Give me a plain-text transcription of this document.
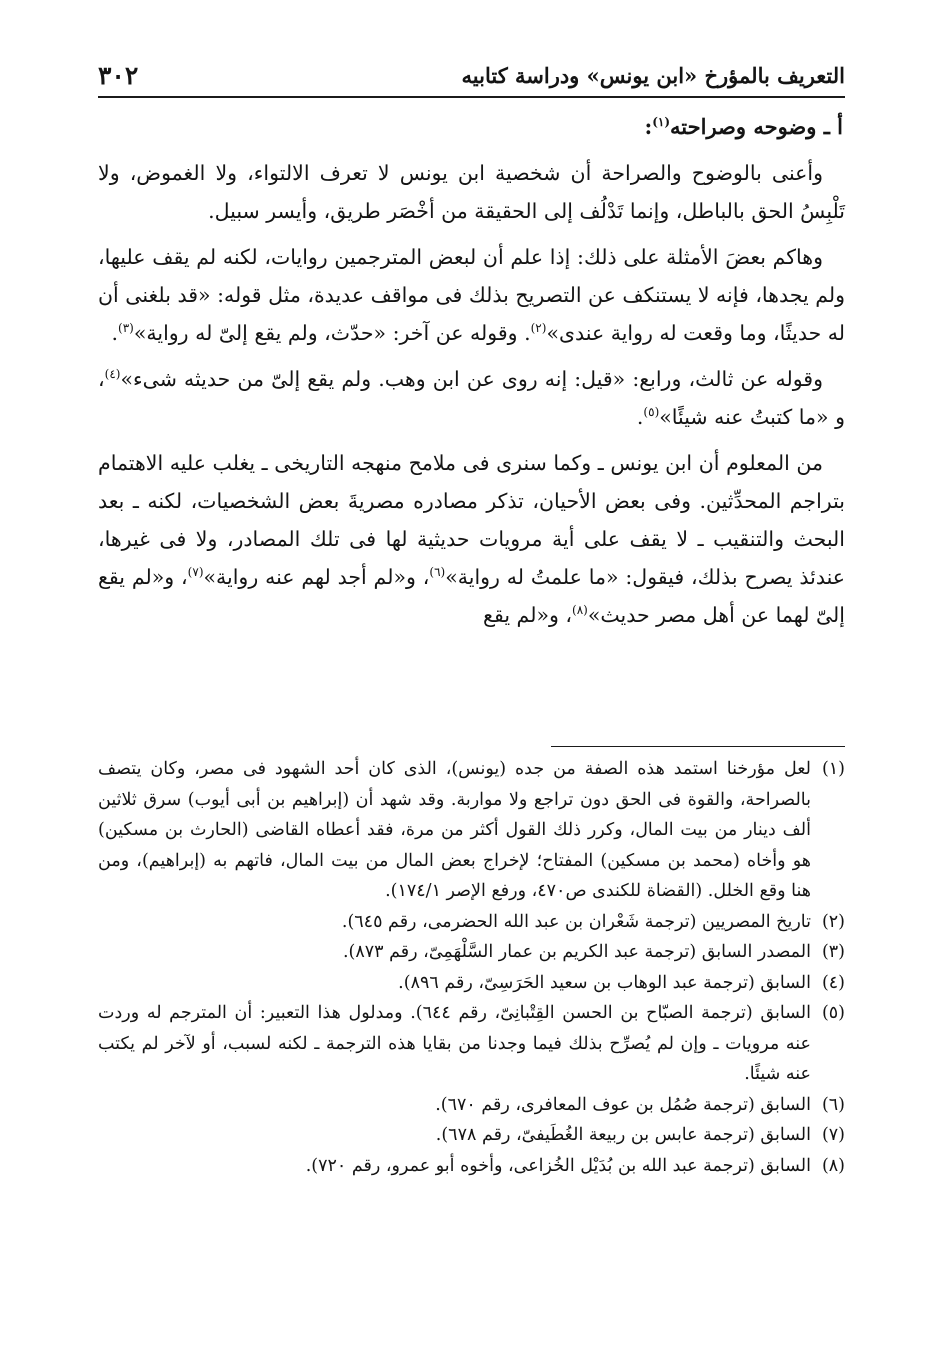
التعريف بالمؤرخ «ابن يونس» ودراسة كتابيه
٣٠٢
أ ـ وضوحه وصراحته$^{(١)}$:

وأعنى بالوضوح والصراحة أن شخصية ابن يونس لا تعرف الالتواء، ولا الغموض، ولا تَلْبِسُ الحق بالباطل، وإنما تَدْلُف إلى الحقيقة من أخْصَر طريق، وأيسر سبيل.

وهاكم بعضَ الأمثلة على ذلك: إذا علم أن لبعض المترجمين روايات، لكنه لم يقف عليها، ولم يجدها، فإنه لا يستنكف عن التصريح بذلك فى مواقف عديدة، مثل قوله: «قد بلغنى أن له حديثًا، وما وقعت له رواية عندى»$^{(٢)}$. وقوله عن آخر: «حدّث، ولم يقع إلىّ له رواية»$^{(٣)}$.

وقوله عن ثالث، ورابع: «قيل: إنه روى عن ابن وهب. ولم يقع إلىّ من حديثه شىء»$^{(٤)}$، و «ما كتبتُ عنه شيئًا»$^{(٥)}$.

من المعلوم أن ابن يونس ـ وكما سنرى فى ملامح منهجه التاريخى ـ يغلب عليه الاهتمام بتراجم المحدِّثين. وفى بعض الأحيان، تذكر مصادره مصريةَ بعض الشخصيات، لكنه ـ بعد البحث والتنقيب ـ لا يقف على أية مرويات حديثية لها فى تلك المصادر، ولا فى غيرها، عندئذ يصرح بذلك، فيقول: «ما علمتُ له رواية»$^{(٦)}$، و«لم أجد لهم عنه رواية»$^{(٧)}$، و«لم يقع إلىّ لهما عن أهل مصر حديث»$^{(٨)}$، و«لم يقع

(١)
لعل مؤرخنا استمد هذه الصفة من جده (يونس)، الذى كان أحد الشهود فى مصر، وكان يتصف بالصراحة، والقوة فى الحق دون تراجع ولا مواربة. وقد شهد أن (إبراهيم بن أبى أيوب) سرق ثلاثين ألف دينار من بيت المال، وكرر ذلك القول أكثر من مرة، فقد أعطاه القاضى (الحارث بن مسكين) هو وأخاه (محمد بن مسكين) المفتاح؛ لإخراج بعض المال من بيت المال، فاتهم به (إبراهيم)، ومن هنا وقع الخلل. (القضاة للكندى ص٤٧٠، ورفع الإصر ١٧٤/١).

(٢)
تاريخ المصريين (ترجمة شَعْران بن عبد الله الحضرمى، رقم ٦٤٥).

(٣)
المصدر السابق (ترجمة عبد الكريم بن عمار السَّلْهَمِىّ، رقم ٨٧٣).

(٤)
السابق (ترجمة عبد الوهاب بن سعيد الحَرَسِىّ، رقم ٨٩٦).

(٥)
السابق (ترجمة الصبّاح بن الحسن القِتْبانِىّ، رقم ٦٤٤). ومدلول هذا التعبير: أن المترجم له وردت عنه مرويات ـ وإن لم يُصرِّح بذلك فيما وجدنا من بقايا هذه الترجمة ـ لكنه لسبب، أو لآخر لم يكتب عنه شيئًا.

(٦)
السابق (ترجمة صُمُل بن عوف المعافرى، رقم ٦٧٠).

(٧)
السابق (ترجمة عابس بن ربيعة الغُطَيفىّ، رقم ٦٧٨).

(٨)
السابق (ترجمة عبد الله بن بُدَيْل الخُزاعى، وأخوه أبو عمرو، رقم ٧٢٠).
